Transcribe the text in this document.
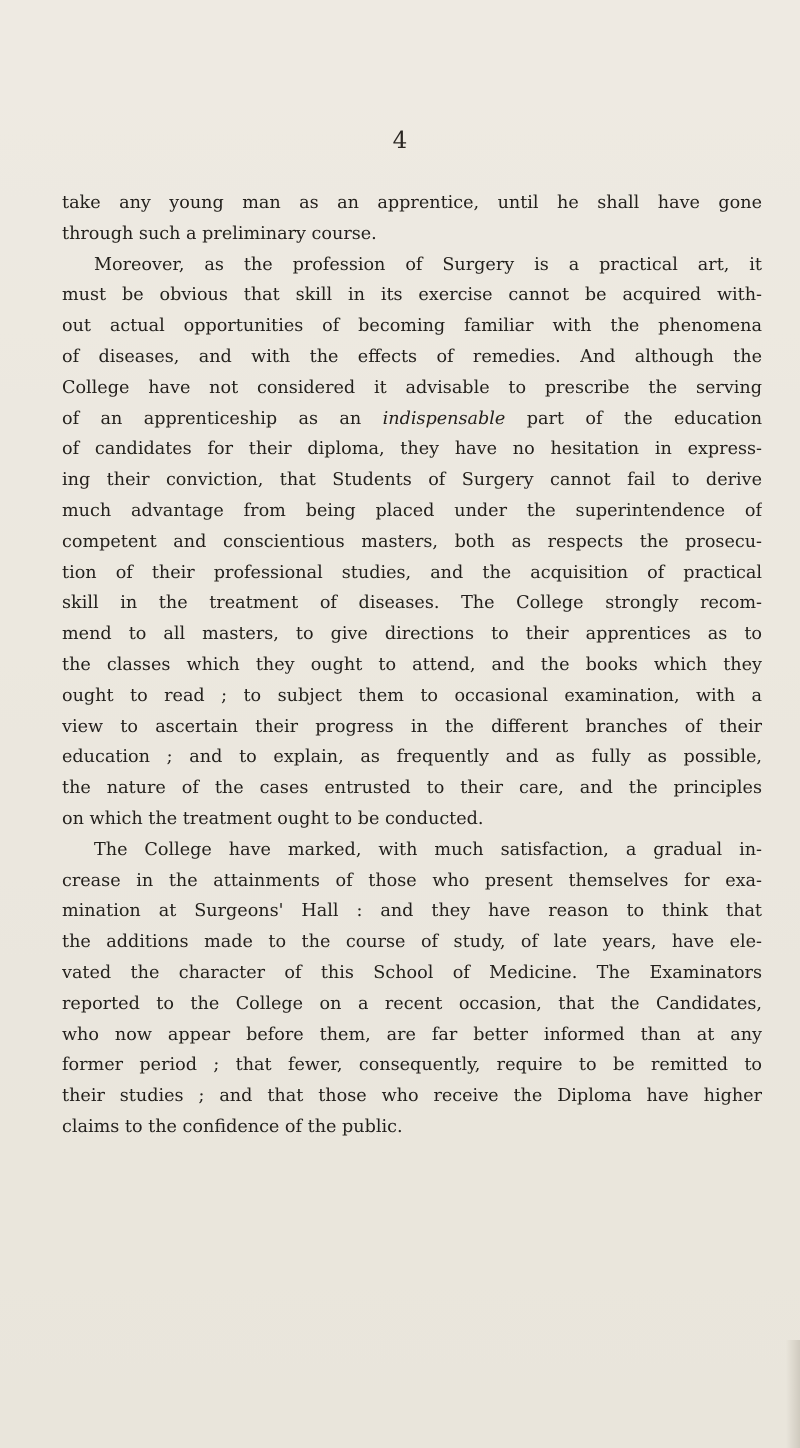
4

take any young man as an apprentice, until he shall have gone
through such a preliminary course.

Moreover, as the profession of Surgery is a practical art, it
must be obvious that skill in its exercise cannot be acquired with-
out actual opportunities of becoming familiar with the phenomena
of diseases, and with the effects of remedies. And although the
College have not considered it advisable to prescribe the serving
of an apprenticeship as an indispensable part of the education
of candidates for their diploma, they have no hesitation in express-
ing their conviction, that Students of Surgery cannot fail to derive
much advantage from being placed under the superintendence of
competent and conscientious masters, both as respects the prosecu-
tion of their professional studies, and the acquisition of practical
skill in the treatment of diseases. The College strongly recom-
mend to all masters, to give directions to their apprentices as to
the classes which they ought to attend, and the books which they
ought to read ; to subject them to occasional examination, with a
view to ascertain their progress in the different branches of their
education ; and to explain, as frequently and as fully as possible,
the nature of the cases entrusted to their care, and the principles
on which the treatment ought to be conducted.

The College have marked, with much satisfaction, a gradual in-
crease in the attainments of those who present themselves for exa-
mination at Surgeons' Hall : and they have reason to think that
the additions made to the course of study, of late years, have ele-
vated the character of this School of Medicine. The Examinators
reported to the College on a recent occasion, that the Candidates,
who now appear before them, are far better informed than at any
former period ; that fewer, consequently, require to be remitted to
their studies ; and that those who receive the Diploma have higher
claims to the confidence of the public.
